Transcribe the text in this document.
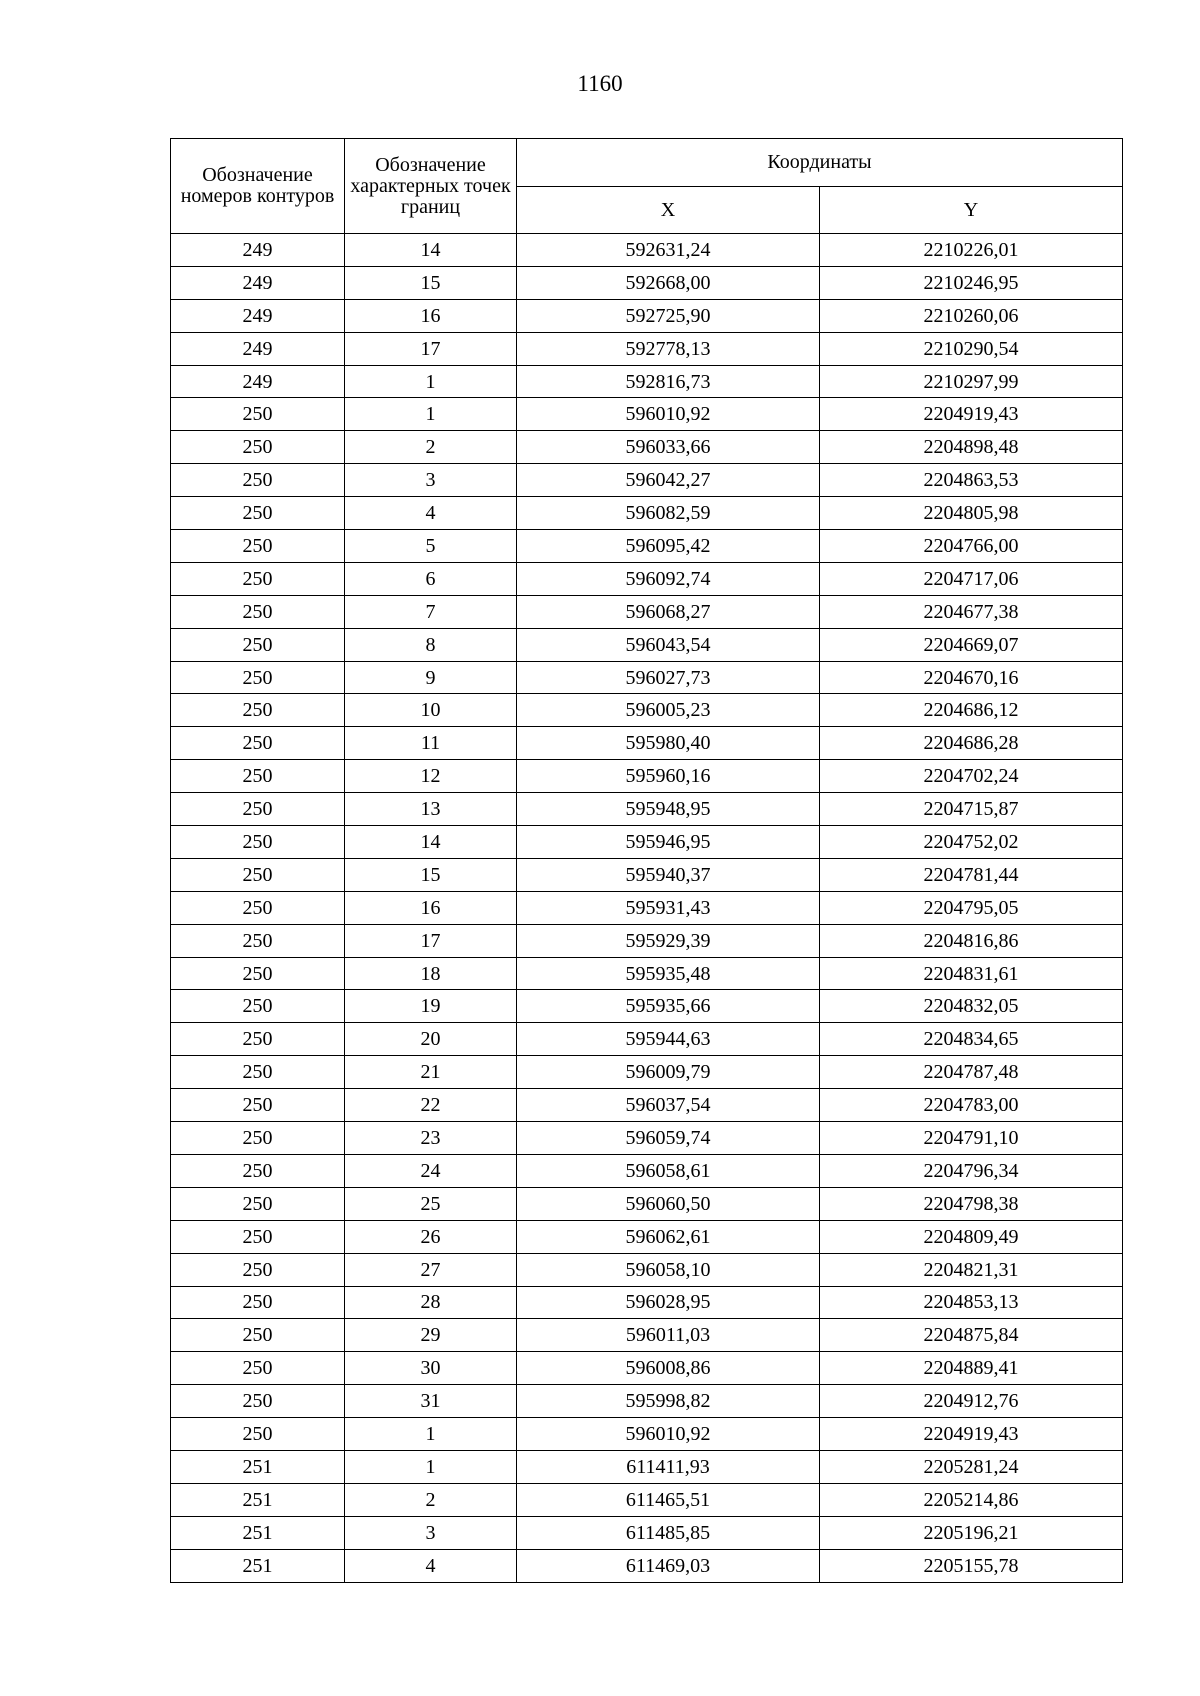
1160
Обозначение номеров контуров	Обозначение характерных точек границ	Координаты	
		X	Y
249	14	592631,24	2210226,01
249	15	592668,00	2210246,95
249	16	592725,90	2210260,06
249	17	592778,13	2210290,54
249	1	592816,73	2210297,99
250	1	596010,92	2204919,43
250	2	596033,66	2204898,48
250	3	596042,27	2204863,53
250	4	596082,59	2204805,98
250	5	596095,42	2204766,00
250	6	596092,74	2204717,06
250	7	596068,27	2204677,38
250	8	596043,54	2204669,07
250	9	596027,73	2204670,16
250	10	596005,23	2204686,12
250	11	595980,40	2204686,28
250	12	595960,16	2204702,24
250	13	595948,95	2204715,87
250	14	595946,95	2204752,02
250	15	595940,37	2204781,44
250	16	595931,43	2204795,05
250	17	595929,39	2204816,86
250	18	595935,48	2204831,61
250	19	595935,66	2204832,05
250	20	595944,63	2204834,65
250	21	596009,79	2204787,48
250	22	596037,54	2204783,00
250	23	596059,74	2204791,10
250	24	596058,61	2204796,34
250	25	596060,50	2204798,38
250	26	596062,61	2204809,49
250	27	596058,10	2204821,31
250	28	596028,95	2204853,13
250	29	596011,03	2204875,84
250	30	596008,86	2204889,41
250	31	595998,82	2204912,76
250	1	596010,92	2204919,43
251	1	611411,93	2205281,24
251	2	611465,51	2205214,86
251	3	611485,85	2205196,21
251	4	611469,03	2205155,78
